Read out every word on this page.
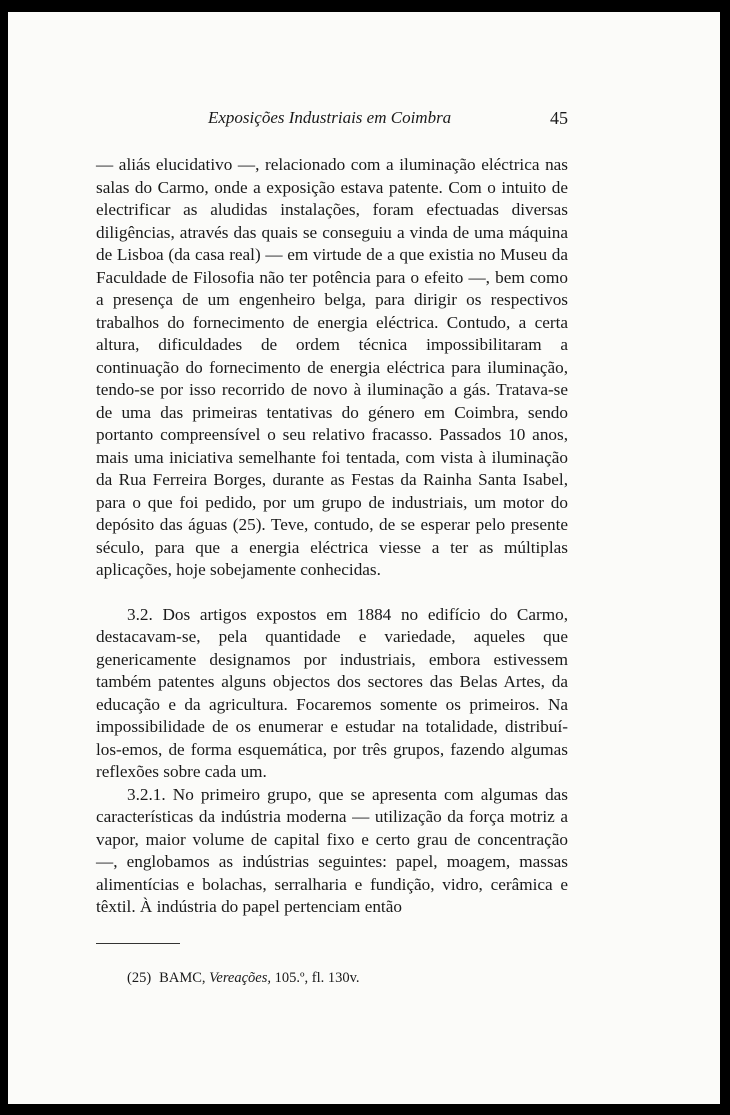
Exposições Industriais em Coimbra	45

— aliás elucidativo —, relacionado com a iluminação eléctrica nas salas do Carmo, onde a exposição estava patente. Com o intuito de electrificar as aludidas instalações, foram efectuadas diversas diligências, através das quais se conseguiu a vinda de uma máquina de Lisboa (da casa real) — em virtude de a que existia no Museu da Faculdade de Filosofia não ter potência para o efeito —, bem como a presença de um engenheiro belga, para dirigir os respectivos trabalhos do fornecimento de energia eléctrica. Contudo, a certa altura, dificuldades de ordem técnica impossibilitaram a continuação do fornecimento de energia eléctrica para iluminação, tendo-se por isso recorrido de novo à iluminação a gás. Tratava-se de uma das primeiras tentativas do género em Coimbra, sendo portanto compreensível o seu relativo fracasso. Passados 10 anos, mais uma iniciativa semelhante foi tentada, com vista à iluminação da Rua Ferreira Borges, durante as Festas da Rainha Santa Isabel, para o que foi pedido, por um grupo de industriais, um motor do depósito das águas (25). Teve, contudo, de se esperar pelo presente século, para que a energia eléctrica viesse a ter as múltiplas aplicações, hoje sobejamente conhecidas.

3.2. Dos artigos expostos em 1884 no edifício do Carmo, destacavam-se, pela quantidade e variedade, aqueles que genericamente designamos por industriais, embora estivessem também patentes alguns objectos dos sectores das Belas Artes, da educação e da agricultura. Focaremos somente os primeiros. Na impossibilidade de os enumerar e estudar na totalidade, distribuí-los-emos, de forma esquemática, por três grupos, fazendo algumas reflexões sobre cada um.

3.2.1. No primeiro grupo, que se apresenta com algumas das características da indústria moderna — utilização da força motriz a vapor, maior volume de capital fixo e certo grau de concentração —, englobamos as indústrias seguintes: papel, moagem, massas alimentícias e bolachas, serralharia e fundição, vidro, cerâmica e têxtil. À indústria do papel pertenciam então

(25) BAMC, Vereações, 105.º, fl. 130v.
